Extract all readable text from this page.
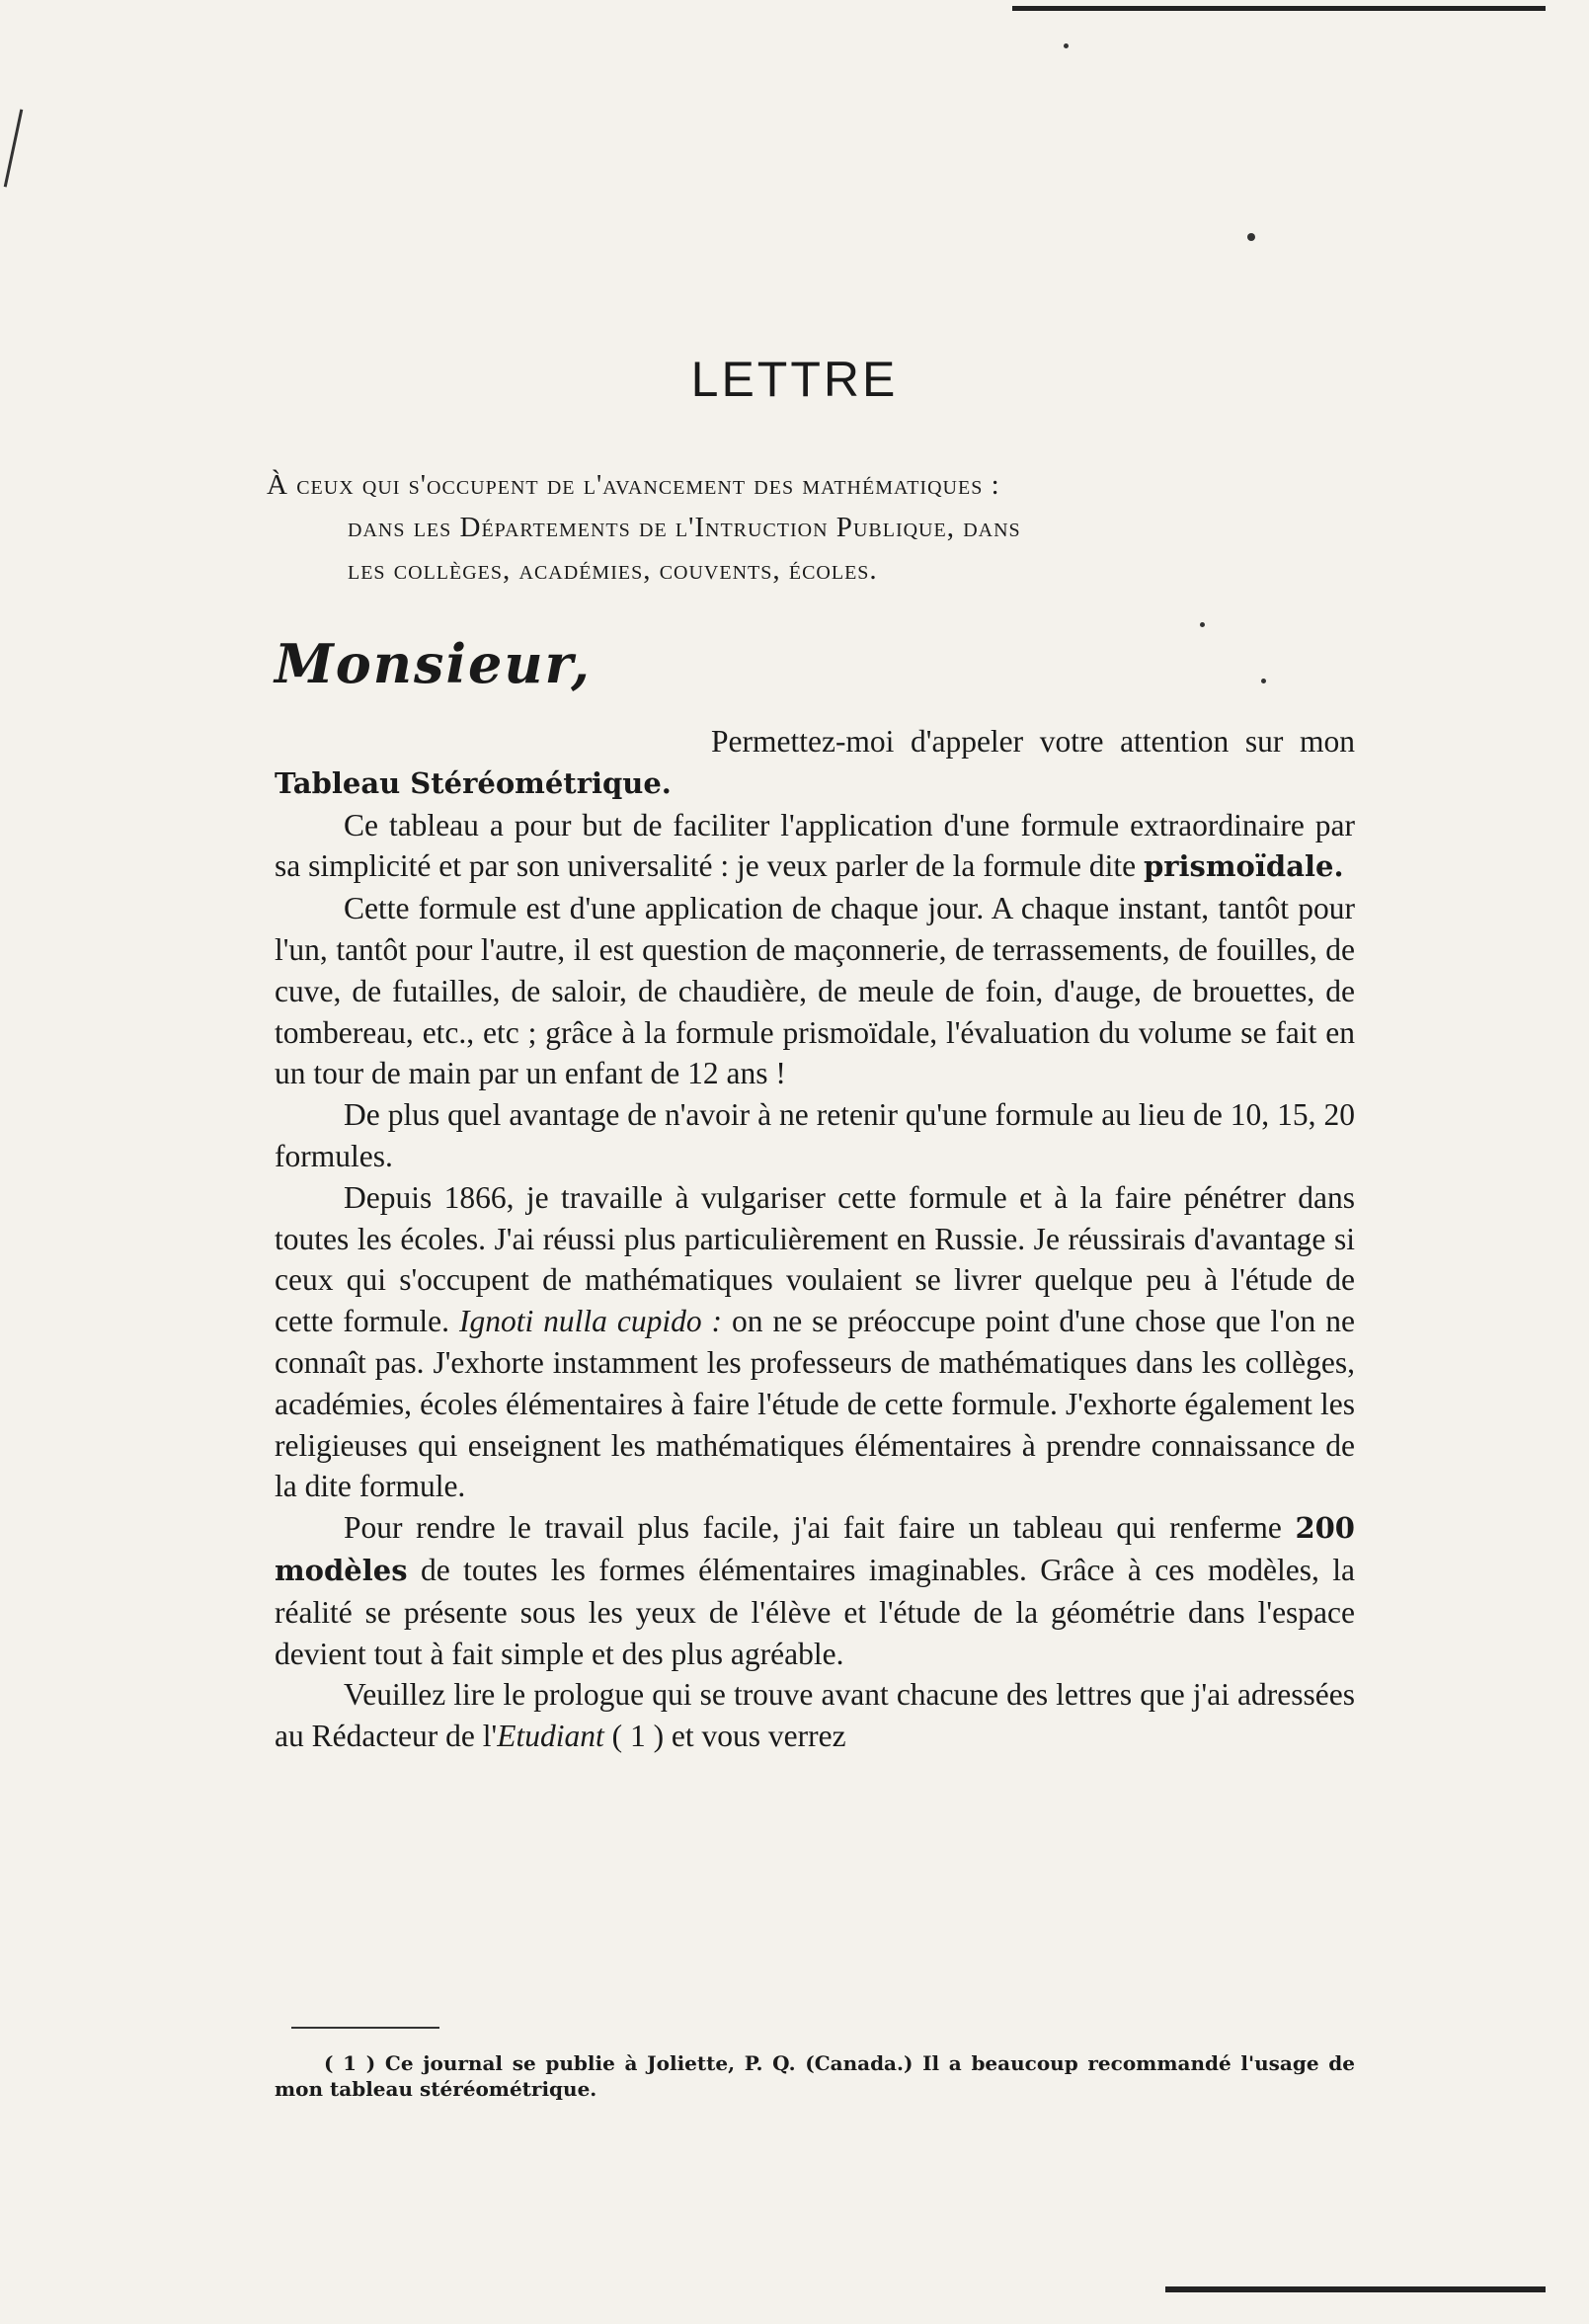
LETTRE
À ceux qui s'occupent de l'avancement des mathématiques :
dans les Départements de l'Intruction Publique, dans
les collèges, académies, couvents, écoles.
Monsieur,

Permettez-moi d'appeler votre attention sur mon Tableau Stéréométrique.

Ce tableau a pour but de faciliter l'application d'une formule extraordinaire par sa simplicité et par son universalité : je veux parler de la formule dite prismoïdale.

Cette formule est d'une application de chaque jour. A chaque instant, tantôt pour l'un, tantôt pour l'autre, il est question de maçonnerie, de terrassements, de fouilles, de cuve, de futailles, de saloir, de chaudière, de meule de foin, d'auge, de brouettes, de tombereau, etc., etc ; grâce à la formule prismoïdale, l'évaluation du volume se fait en un tour de main par un enfant de 12 ans !

De plus quel avantage de n'avoir à ne retenir qu'une formule au lieu de 10, 15, 20 formules.

Depuis 1866, je travaille à vulgariser cette formule et à la faire pénétrer dans toutes les écoles. J'ai réussi plus particulièrement en Russie. Je réussirais d'avantage si ceux qui s'occupent de mathématiques voulaient se livrer quelque peu à l'étude de cette formule. Ignoti nulla cupido : on ne se préoccupe point d'une chose que l'on ne connaît pas. J'exhorte instamment les professeurs de mathématiques dans les collèges, académies, écoles élémentaires à faire l'étude de cette formule. J'exhorte également les religieuses qui enseignent les mathématiques élémentaires à prendre connaissance de la dite formule.

Pour rendre le travail plus facile, j'ai fait faire un tableau qui renferme 200 modèles de toutes les formes élémentaires imaginables. Grâce à ces modèles, la réalité se présente sous les yeux de l'élève et l'étude de la géométrie dans l'espace devient tout à fait simple et des plus agréable.

Veuillez lire le prologue qui se trouve avant chacune des lettres que j'ai adressées au Rédacteur de l'Etudiant ( 1 ) et vous verrez

( 1 ) Ce journal se publie à Joliette, P. Q. (Canada.) Il a beaucoup recommandé l'usage de mon tableau stéréométrique.
